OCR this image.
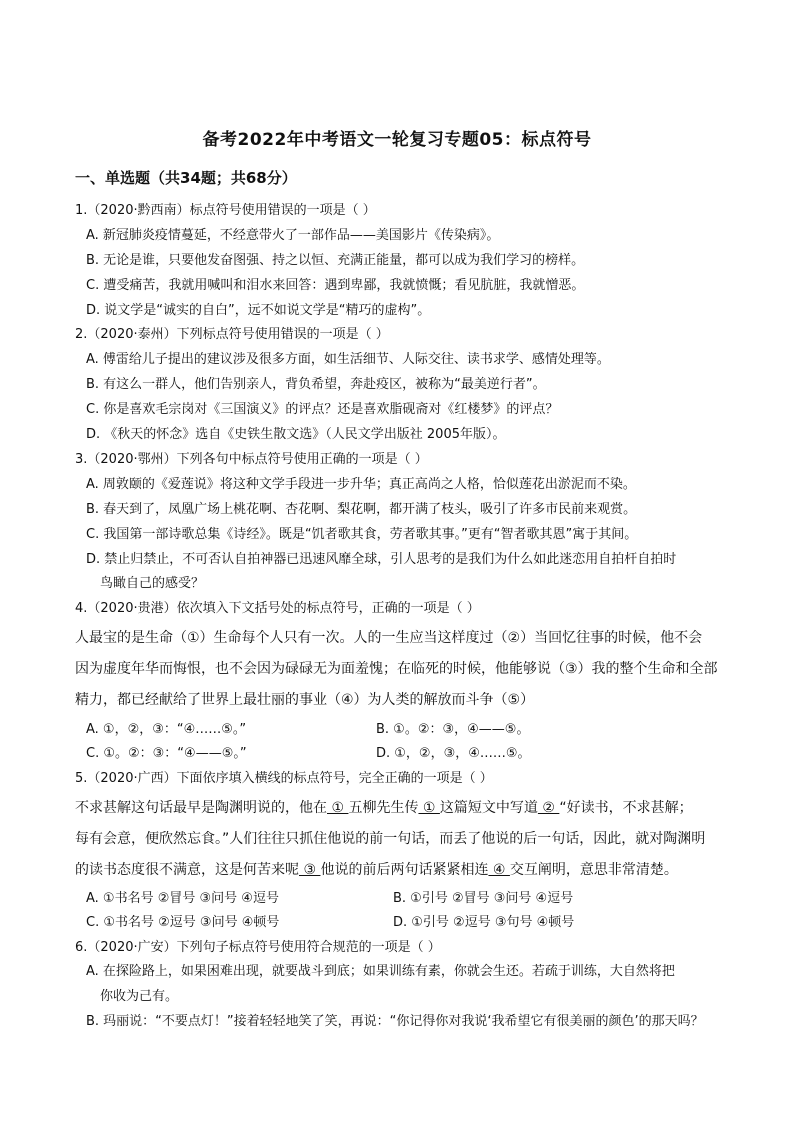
备考2022年中考语文一轮复习专题05：标点符号
一、单选题（共34题；共68分）
1.（2020·黔西南）标点符号使用错误的一项是（ ）
A. 新冠肺炎疫情蔓延，不经意带火了一部作品——美国影片《传染病》。
B. 无论是谁，只要他发奋图强、持之以恒、充满正能量，都可以成为我们学习的榜样。
C. 遭受痛苦，我就用喊叫和泪水来回答：遇到卑鄙，我就愤慨；看见肮脏，我就憎恶。
D. 说文学是“诚实的自白”，远不如说文学是“精巧的虚构”。
2.（2020·泰州）下列标点符号使用错误的一项是（ ）
A. 傅雷给儿子提出的建议涉及很多方面，如生活细节、人际交往、读书求学、感情处理等。
B. 有这么一群人，他们告别亲人，背负希望，奔赴疫区，被称为“最美逆行者”。
C. 你是喜欢毛宗岗对《三国演义》的评点？还是喜欢脂砚斋对《红楼梦》的评点？
D. 《秋天的怀念》选自《史铁生散文选》（人民文学出版社 2005年版）。
3.（2020·鄂州）下列各句中标点符号使用正确的一项是（ ）
A. 周敦颐的《爱莲说》将这种文学手段进一步升华；真正高尚之人格，恰似莲花出淤泥而不染。
B. 春天到了，凤凰广场上桃花啊、杏花啊、梨花啊，都开满了枝头，吸引了许多市民前来观赏。
C. 我国第一部诗歌总集《诗经》。既是“饥者歌其食，劳者歌其事。”更有“智者歌其恩”寓于其间。
D. 禁止归禁止，不可否认自拍神器已迅速风靡全球，引人思考的是我们为什么如此迷恋用自拍杆自拍时
鸟瞰自己的感受？
4.（2020·贵港）依次填入下文括号处的标点符号，正确的一项是（ ）
人最宝的是生命（①）生命每个人只有一次。人的一生应当这样度过（②）当回忆往事的时候，他不会
因为虚度年华而悔恨，也不会因为碌碌无为面羞愧；在临死的时候，他能够说（③）我的整个生命和全部
精力，都已经献给了世界上最壮丽的事业（④）为人类的解放而斗争（⑤）
A. ①，②，③：“④……⑤。”	B. ①。②：③，④——⑤。
C. ①。②：③：“④——⑤。”	D. ①，②，③，④……⑤。
5.（2020·广西）下面依序填入横线的标点符号，完全正确的一项是（ ）
不求甚解这句话最早是陶渊明说的，他在 ① 五柳先生传 ① 这篇短文中写道 ② “好读书，不求甚解；
每有会意，便欣然忘食。”人们往往只抓住他说的前一句话，而丢了他说的后一句话，因此，就对陶渊明
的读书态度很不满意，这是何苦来呢 ③ 他说的前后两句话紧紧相连 ④ 交互阐明，意思非常清楚。
A. ①书名号 ②冒号 ③问号 ④逗号	B. ①引号 ②冒号 ③问号 ④逗号
C. ①书名号 ②逗号 ③问号 ④顿号	D. ①引号 ②逗号 ③句号 ④顿号
6.（2020·广安）下列句子标点符号使用符合规范的一项是（ ）
A. 在探险路上，如果困难出现，就要战斗到底；如果训练有素，你就会生还。若疏于训练，大自然将把
你收为己有。
B. 玛丽说：“不要点灯！”接着轻轻地笑了笑，再说：“你记得你对我说‘我希望它有很美丽的颜色’的那天吗？
